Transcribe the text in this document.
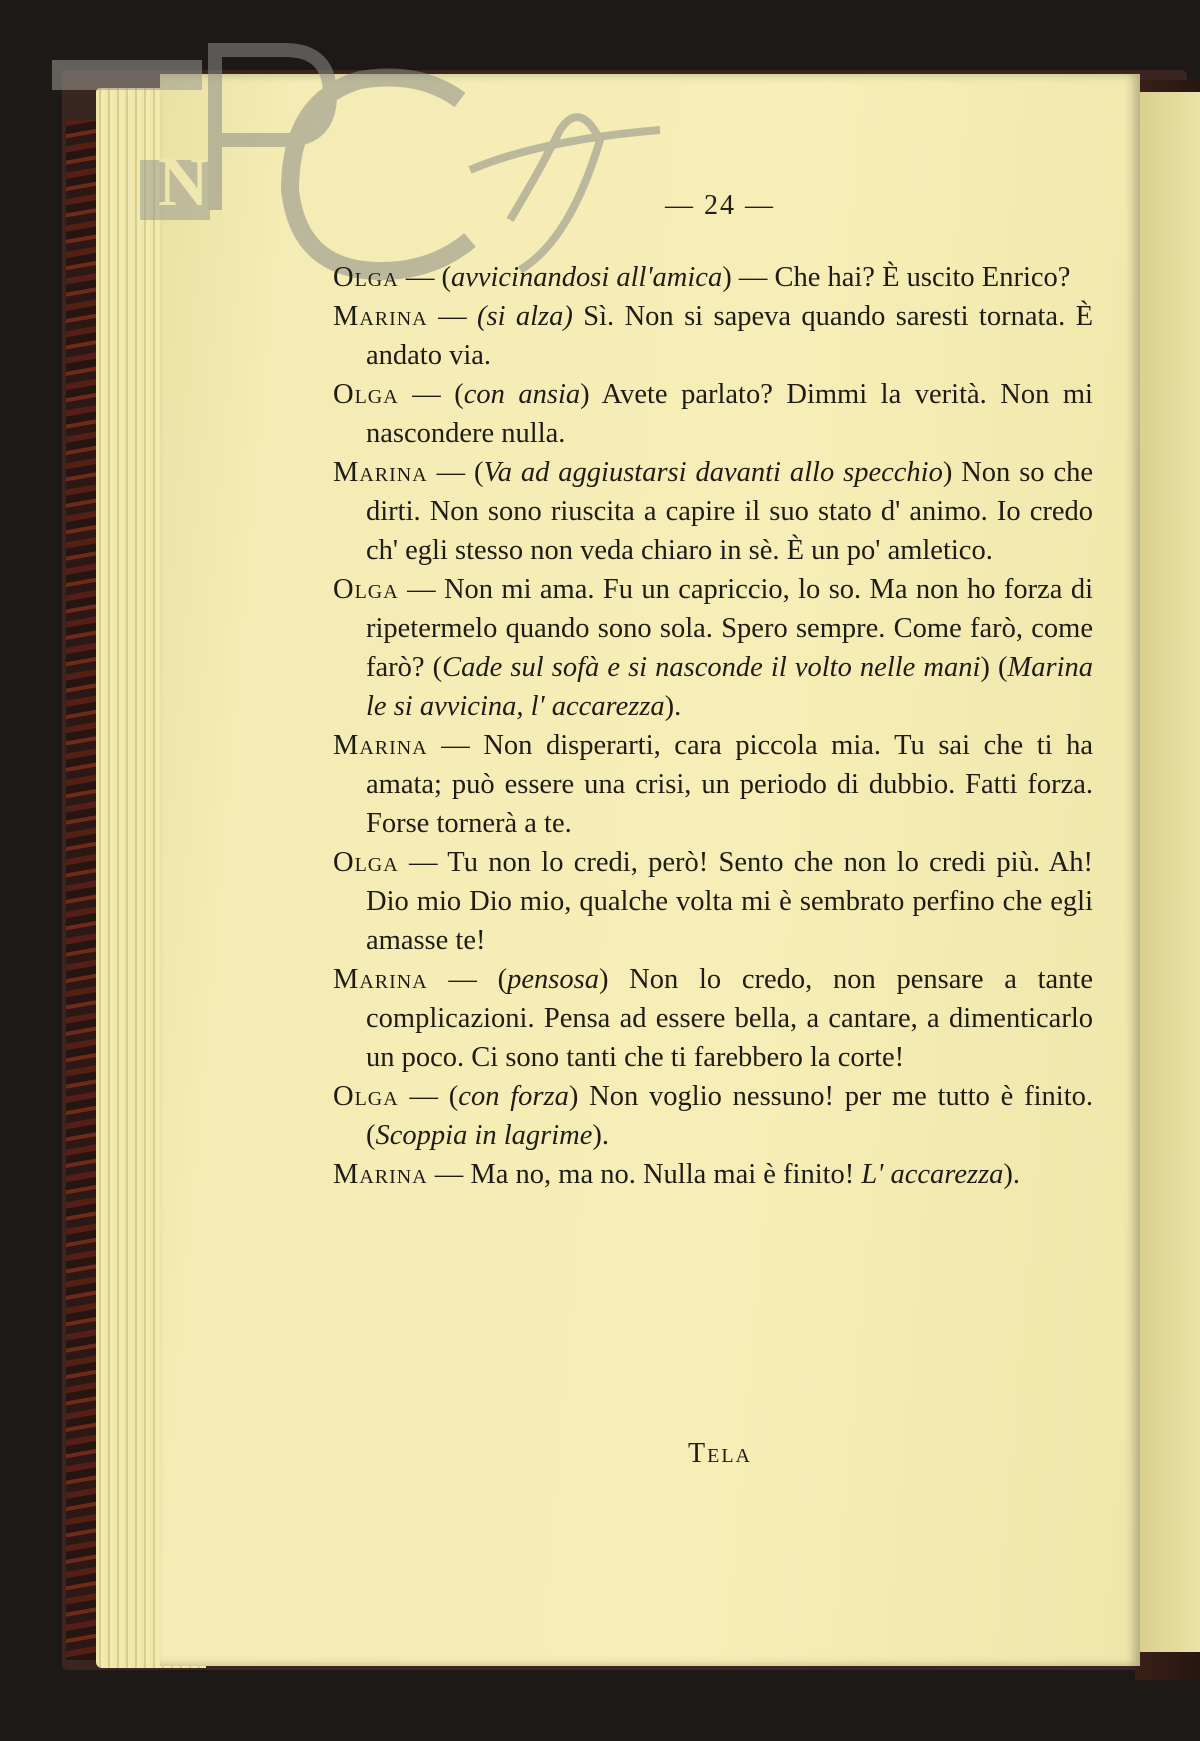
N	— 24 —

Olga — (avvicinandosi all'amica) — Che hai? È uscito Enrico?

Marina — (si alza) Sì. Non si sapeva quando saresti tornata. È andato via.

Olga — (con ansia) Avete parlato? Dimmi la verità. Non mi nascondere nulla.

Marina — (Va ad aggiustarsi davanti allo specchio) Non so che dirti. Non sono riuscita a capire il suo stato d' animo. Io credo ch' egli stesso non veda chiaro in sè. È un po' amletico.

Olga — Non mi ama. Fu un capriccio, lo so. Ma non ho forza di ripetermelo quando sono sola. Spero sempre. Come farò, come farò? (Cade sul sofà e si nasconde il volto nelle mani) (Marina le si avvicina, l' accarezza).

Marina — Non disperarti, cara piccola mia. Tu sai che ti ha amata; può essere una crisi, un periodo di dubbio. Fatti forza. Forse tornerà a te.

Olga — Tu non lo credi, però! Sento che non lo credi più. Ah! Dio mio Dio mio, qualche volta mi è sembrato perfino che egli amasse te!

Marina — (pensosa) Non lo credo, non pensare a tante complicazioni. Pensa ad essere bella, a cantare, a dimenticarlo un poco. Ci sono tanti che ti farebbero la corte!

Olga — (con forza) Non voglio nessuno! per me tutto è finito. (Scoppia in lagrime).

Marina — Ma no, ma no. Nulla mai è finito! L' accarezza).

Tela
